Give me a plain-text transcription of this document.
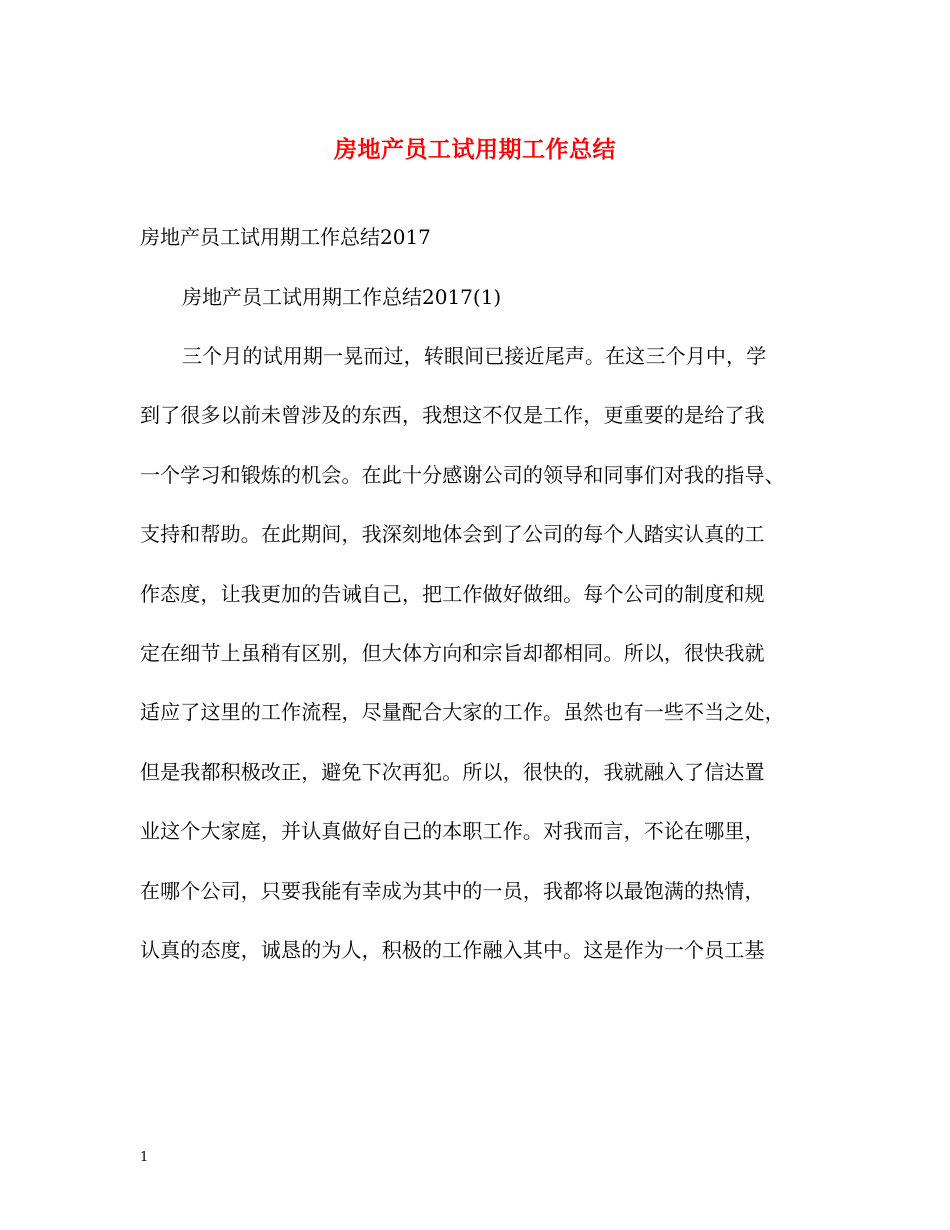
房地产员工试用期工作总结
房地产员工试用期工作总结2017
房地产员工试用期工作总结2017(1)
三个月的试用期一晃而过，转眼间已接近尾声。在这三个月中，学
到了很多以前未曾涉及的东西，我想这不仅是工作，更重要的是给了我
一个学习和锻炼的机会。在此十分感谢公司的领导和同事们对我的指导、
支持和帮助。在此期间，我深刻地体会到了公司的每个人踏实认真的工
作态度，让我更加的告诫自己，把工作做好做细。每个公司的制度和规
定在细节上虽稍有区别，但大体方向和宗旨却都相同。所以，很快我就
适应了这里的工作流程，尽量配合大家的工作。虽然也有一些不当之处，
但是我都积极改正，避免下次再犯。所以，很快的，我就融入了信达置
业这个大家庭，并认真做好自己的本职工作。对我而言，不论在哪里，
在哪个公司，只要我能有幸成为其中的一员，我都将以最饱满的热情，
认真的态度，诚恳的为人，积极的工作融入其中。这是作为一个员工基
1
